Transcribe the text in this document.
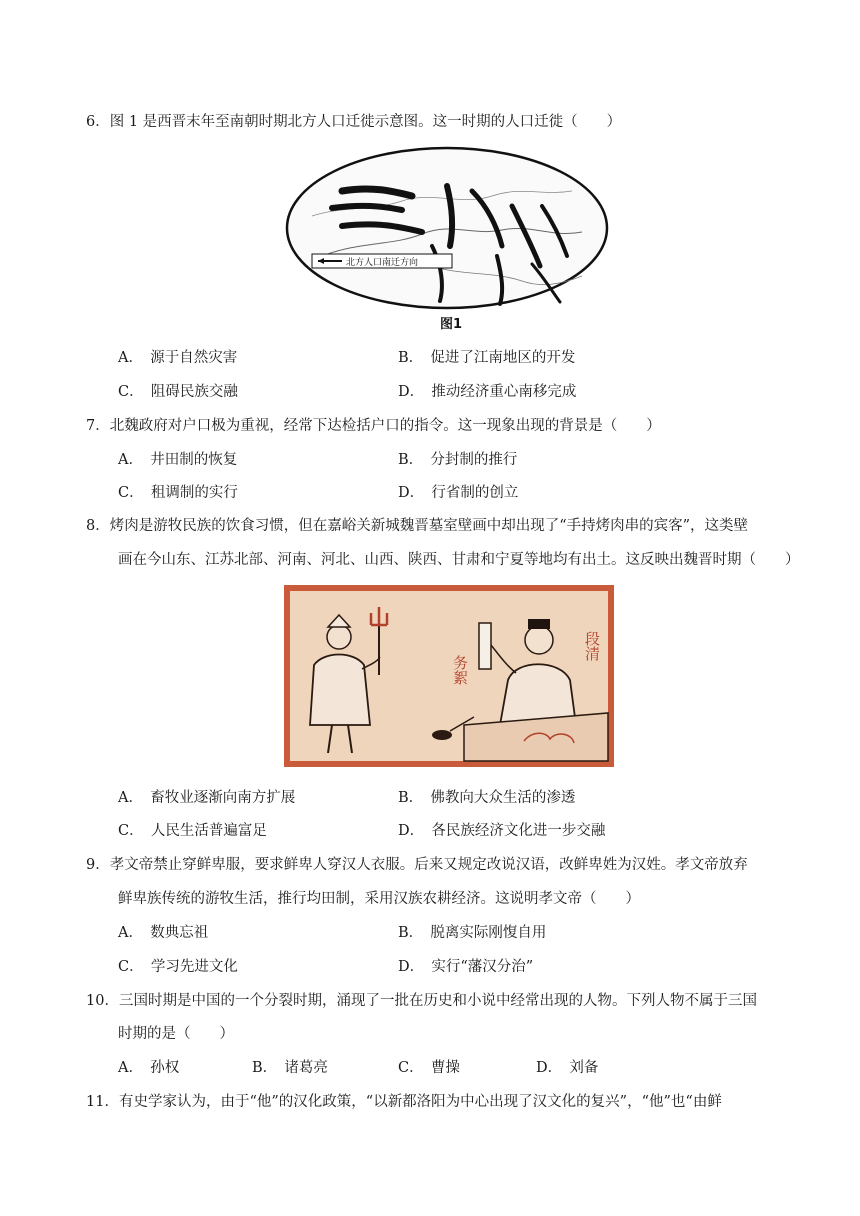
6．图 1 是西晋末年至南朝时期北方人口迁徙示意图。这一时期的人口迁徙（　　）
北方人口南迁方向
图1
A．　源于自然灾害	B．　促进了江南地区的开发
C．　阻碍民族交融	D．　推动经济重心南移完成
7．北魏政府对户口极为重视，经常下达检括户口的指令。这一现象出现的背景是（　　）
A．　井田制的恢复	B．　分封制的推行
C．　租调制的实行	D．　行省制的创立
8．烤肉是游牧民族的饮食习惯，但在嘉峪关新城魏晋墓室壁画中却出现了“手持烤肉串的宾客”，这类壁
画在今山东、江苏北部、河南、河北、山西、陕西、甘肃和宁夏等地均有出土。这反映出魏晋时期（　　）
务絮
段清
A．　畜牧业逐渐向南方扩展	B．　佛教向大众生活的渗透
C．　人民生活普遍富足	D．　各民族经济文化进一步交融
9．孝文帝禁止穿鲜卑服，要求鲜卑人穿汉人衣服。后来又规定改说汉语，改鲜卑姓为汉姓。孝文帝放弃
鲜卑族传统的游牧生活，推行均田制，采用汉族农耕经济。这说明孝文帝（　　）
A．　数典忘祖	B．　脱离实际刚愎自用
C．　学习先进文化	D．　实行“藩汉分治”
10．三国时期是中国的一个分裂时期，涌现了一批在历史和小说中经常出现的人物。下列人物不属于三国
时期的是（　　）
A．　孙权	B．　诸葛亮	C．　曹操	D．　刘备
11．有史学家认为，由于“他”的汉化政策，“以新都洛阳为中心出现了汉文化的复兴”，“他”也“由鲜
